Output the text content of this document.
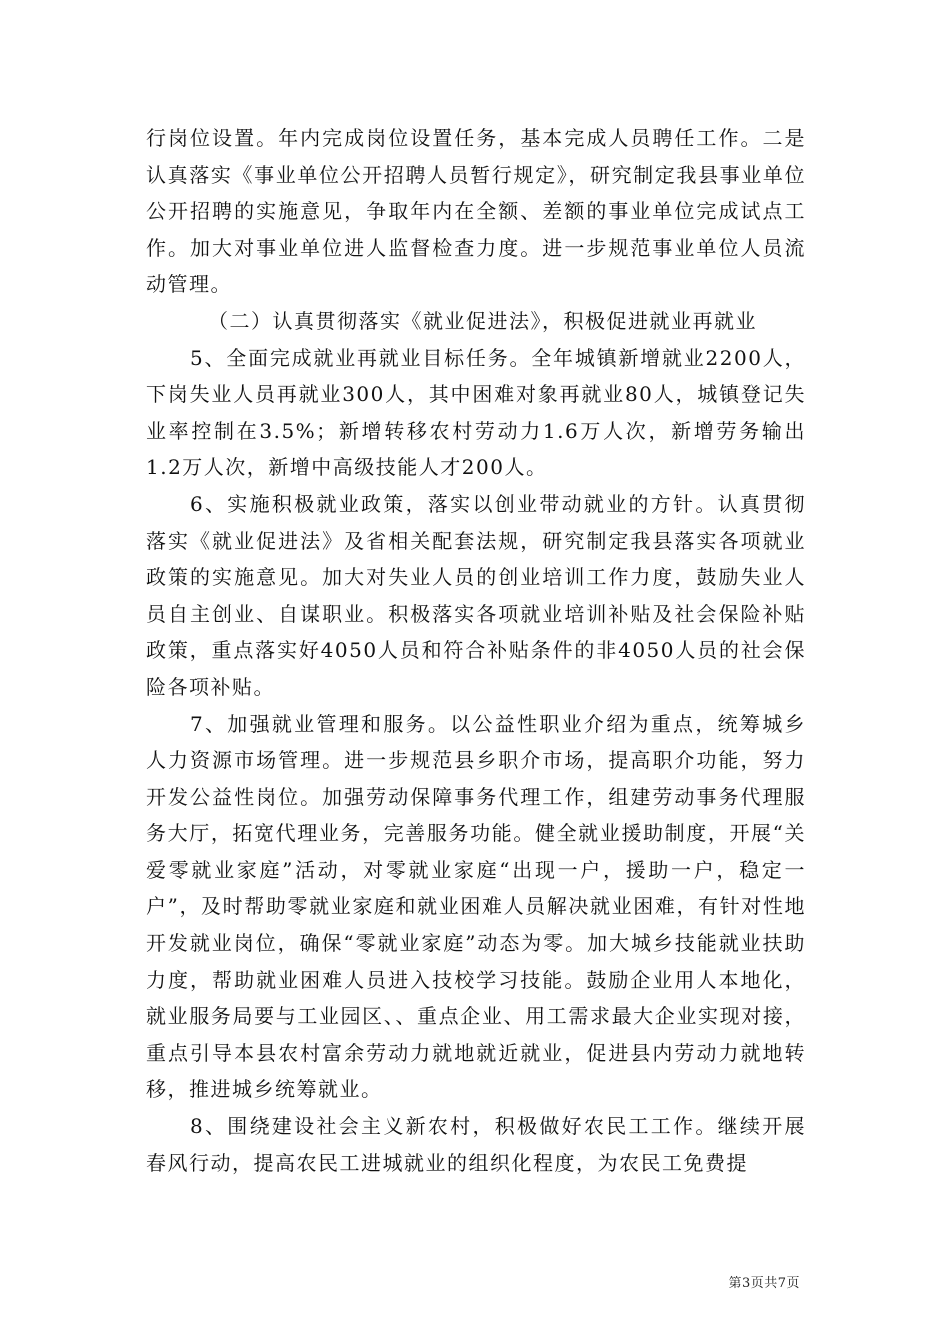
行岗位设置。年内完成岗位设置任务，基本完成人员聘任工作。二是认真落实《事业单位公开招聘人员暂行规定》，研究制定我县事业单位公开招聘的实施意见，争取年内在全额、差额的事业单位完成试点工作。加大对事业单位进人监督检查力度。进一步规范事业单位人员流动管理。

（二）认真贯彻落实《就业促进法》，积极促进就业再就业

5、全面完成就业再就业目标任务。全年城镇新增就业2200人，下岗失业人员再就业300人，其中困难对象再就业80人，城镇登记失业率控制在3.5%；新增转移农村劳动力1.6万人次，新增劳务输出1.2万人次，新增中高级技能人才200人。

6、实施积极就业政策，落实以创业带动就业的方针。认真贯彻落实《就业促进法》及省相关配套法规，研究制定我县落实各项就业政策的实施意见。加大对失业人员的创业培训工作力度，鼓励失业人员自主创业、自谋职业。积极落实各项就业培训补贴及社会保险补贴政策，重点落实好4050人员和符合补贴条件的非4050人员的社会保险各项补贴。

7、加强就业管理和服务。以公益性职业介绍为重点，统筹城乡人力资源市场管理。进一步规范县乡职介市场，提高职介功能，努力开发公益性岗位。加强劳动保障事务代理工作，组建劳动事务代理服务大厅，拓宽代理业务，完善服务功能。健全就业援助制度，开展“关爱零就业家庭”活动，对零就业家庭“出现一户，援助一户，稳定一户”，及时帮助零就业家庭和就业困难人员解决就业困难，有针对性地开发就业岗位，确保“零就业家庭”动态为零。加大城乡技能就业扶助力度，帮助就业困难人员进入技校学习技能。鼓励企业用人本地化，就业服务局要与工业园区、、重点企业、用工需求最大企业实现对接，重点引导本县农村富余劳动力就地就近就业，促进县内劳动力就地转移，推进城乡统筹就业。

8、围绕建设社会主义新农村，积极做好农民工工作。继续开展春风行动，提高农民工进城就业的组织化程度，为农民工免费提

第3页共7页
